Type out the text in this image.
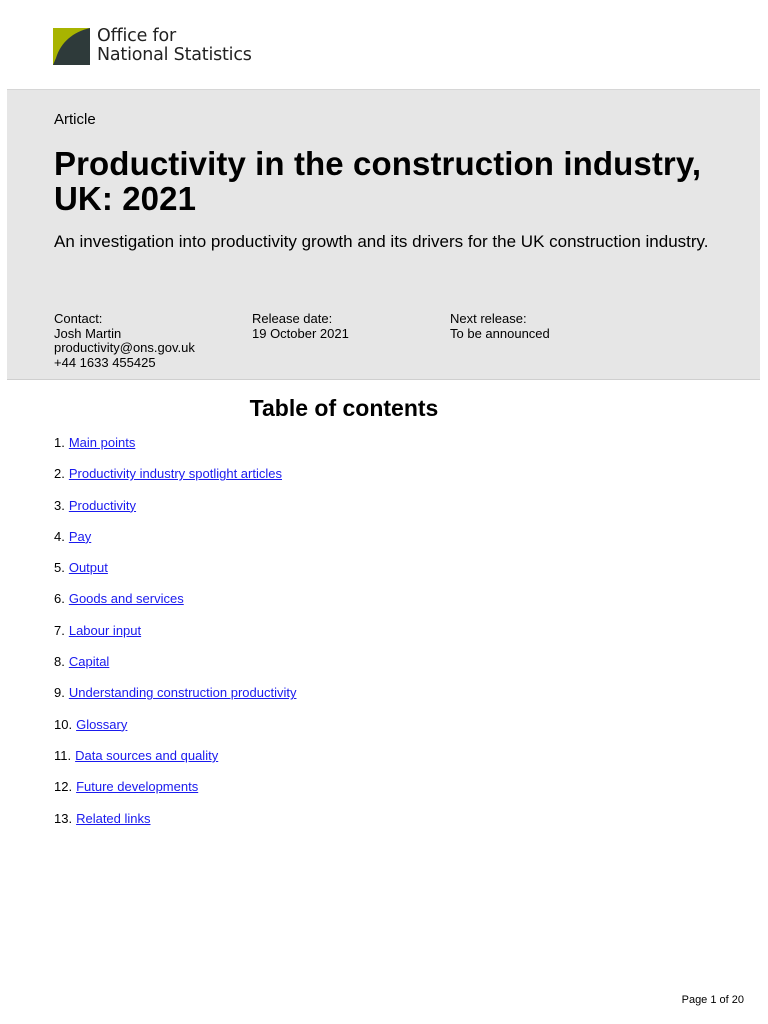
Office for
National Statistics
Article
Productivity in the construction industry, UK: 2021

An investigation into productivity growth and its drivers for the UK construction industry.

Contact:
Josh Martin
productivity@ons.gov.uk
+44 1633 455425
Release date:
19 October 2021
Next release:
To be announced
Table of contents
1. Main points
2. Productivity industry spotlight articles
3. Productivity
4. Pay
5. Output
6. Goods and services
7. Labour input
8. Capital
9. Understanding construction productivity
10. Glossary
11. Data sources and quality
12. Future developments
13. Related links
Page 1 of 20
